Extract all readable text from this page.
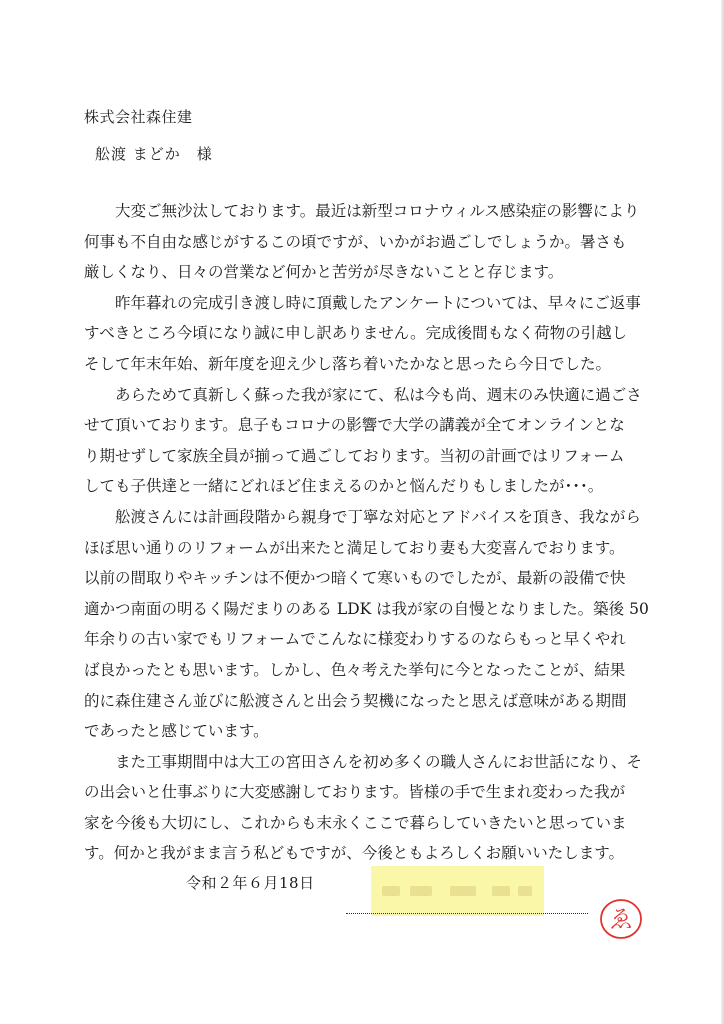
株式会社森住建
舩渡 まどか　様
大変ご無沙汰しております。最近は新型コロナウィルス感染症の影響により
何事も不自由な感じがするこの頃ですが、いかがお過ごしでしょうか。暑さも
厳しくなり、日々の営業など何かと苦労が尽きないことと存じます。
昨年暮れの完成引き渡し時に頂戴したアンケートについては、早々にご返事
すべきところ今頃になり誠に申し訳ありません。完成後間もなく荷物の引越し
そして年末年始、新年度を迎え少し落ち着いたかなと思ったら今日でした。
あらためて真新しく蘇った我が家にて、私は今も尚、週末のみ快適に過ごさ
せて頂いております。息子もコロナの影響で大学の講義が全てオンラインとな
り期せずして家族全員が揃って過ごしております。当初の計画ではリフォーム
しても子供達と一緒にどれほど住まえるのかと悩んだりもしましたが･･･。
舩渡さんには計画段階から親身で丁寧な対応とアドバイスを頂き、我ながら
ほぼ思い通りのリフォームが出来たと満足しており妻も大変喜んでおります。
以前の間取りやキッチンは不便かつ暗くて寒いものでしたが、最新の設備で快
適かつ南面の明るく陽だまりのある LDK は我が家の自慢となりました。築後 50
年余りの古い家でもリフォームでこんなに様変わりするのならもっと早くやれ
ば良かったとも思います。しかし、色々考えた挙句に今となったことが、結果
的に森住建さん並びに舩渡さんと出会う契機になったと思えば意味がある期間
であったと感じています。
また工事期間中は大工の宮田さんを初め多くの職人さんにお世話になり、そ
の出会いと仕事ぶりに大変感謝しております。皆様の手で生まれ変わった我が
家を今後も大切にし、これからも末永くここで暮らしていきたいと思っていま
す。何かと我がまま言う私どもですが、今後ともよろしくお願いいたします。
令和２年６月18日
ゑ
